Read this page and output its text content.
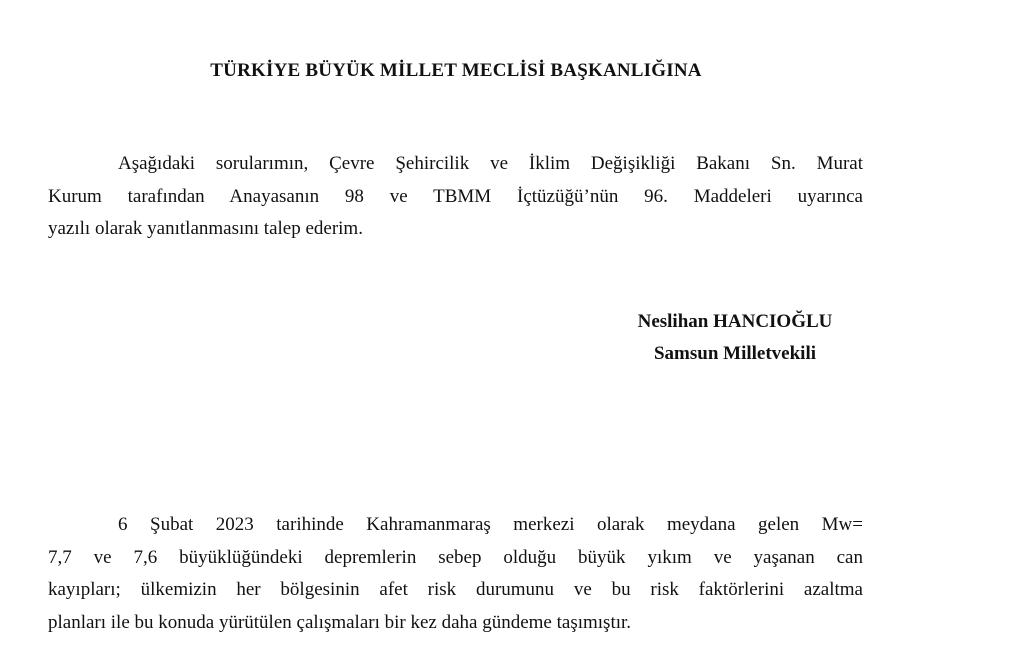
TÜRKİYE BÜYÜK MİLLET MECLİSİ BAŞKANLIĞINA
Aşağıdaki sorularımın, Çevre Şehircilik ve İklim Değişikliği Bakanı Sn. Murat
Kurum tarafından Anayasanın 98 ve TBMM İçtüzüğü’nün 96. Maddeleri uyarınca
yazılı olarak yanıtlanmasını talep ederim.
Neslihan HANCIOĞLU
Samsun Milletvekili
6 Şubat 2023 tarihinde Kahramanmaraş merkezi olarak meydana gelen Mw=
7,7 ve 7,6 büyüklüğündeki depremlerin sebep olduğu büyük yıkım ve yaşanan can
kayıpları; ülkemizin her bölgesinin afet risk durumunu ve bu risk faktörlerini azaltma
planları ile bu konuda yürütülen çalışmaları bir kez daha gündeme taşımıştır.
